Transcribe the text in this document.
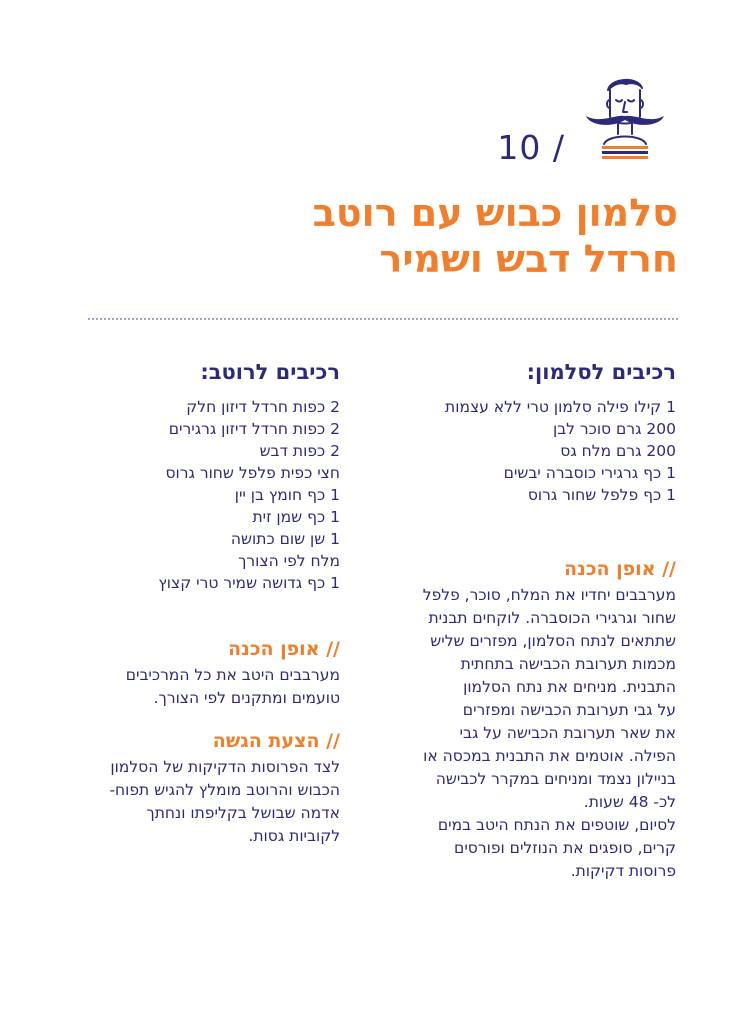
10 /
סלמון כבוש עם רוטב
חרדל דבש ושמיר
רכיבים לסלמון:
1 קילו פילה סלמון טרי ללא עצמות
200 גרם סוכר לבן
200 גרם מלח גס
1 כף גרגירי כוסברה יבשים
1 כף פלפל שחור גרוס
// אופן הכנה

מערבבים יחדיו את המלח, סוכר, פלפל

שחור וגרגירי הכוסברה. לוקחים תבנית

שתתאים לנתח הסלמון, מפזרים שליש

מכמות תערובת הכבישה בתחתית

התבנית. מניחים את נתח הסלמון

על גבי תערובת הכבישה ומפזרים

את שאר תערובת הכבישה על גבי

הפילה. אוטמים את התבנית במכסה או

בניילון נצמד ומניחים במקרר לכבישה

לכ- 48 שעות.

לסיום, שוטפים את הנתח היטב במים

קרים, סופגים את הנוזלים ופורסים

פרוסות דקיקות.

רכיבים לרוטב:
2 כפות חרדל דיזון חלק
2 כפות חרדל דיזון גרגירים
2 כפות דבש
חצי כפית פלפל שחור גרוס
1 כף חומץ בן יין
1 כף שמן זית
1 שן שום כתושה
מלח לפי הצורך
1 כף גדושה שמיר טרי קצוץ
// אופן הכנה

מערבבים היטב את כל המרכיבים

טועמים ומתקנים לפי הצורך.

// הצעת הגשה

לצד הפרוסות הדקיקות של הסלמון

הכבוש והרוטב מומלץ להגיש תפוח-

אדמה שבושל בקליפתו ונחתך

לקוביות גסות.
